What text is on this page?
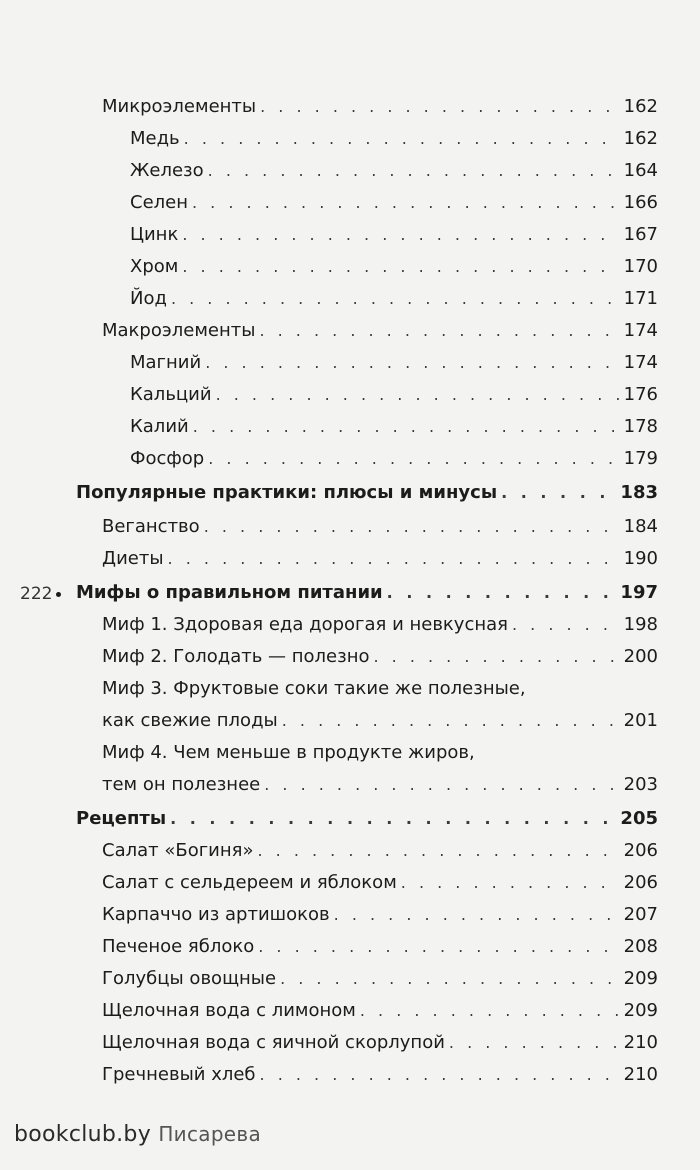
Микроэлементы . . .	162
Медь . . .	162
Железо . . .	164
Селен . . .	166
Цинк . . .	167
Хром . . .	170
Йод . . .	171
Макроэлементы . . .	174
Магний . . .	174
Кальций . . .	176
Калий . . .	178
Фосфор . . .	179
Популярные практики: плюсы и минусы . . .	183
Веганство . . .	184
Диеты . . .	190
222 Мифы о правильном питании . . .	197
Миф 1. Здоровая еда дорогая и невкусная . . .	198
Миф 2. Голодать — полезно . . .	200
Миф 3. Фруктовые соки такие же полезные,
как свежие плоды . . .	201
Миф 4. Чем меньше в продукте жиров,
тем он полезнее . . .	203
Рецепты . . .	205
Салат «Богиня» . . .	206
Салат с сельдереем и яблоком . . .	206
Карпаччо из артишоков . . .	207
Печеное яблоко . . .	208
Голубцы овощные . . .	209
Щелочная вода с лимоном . . .	209
Щелочная вода с яичной скорлупой . . .	210
Гречневый хлеб . . .	210
bookclub.by Писарева
